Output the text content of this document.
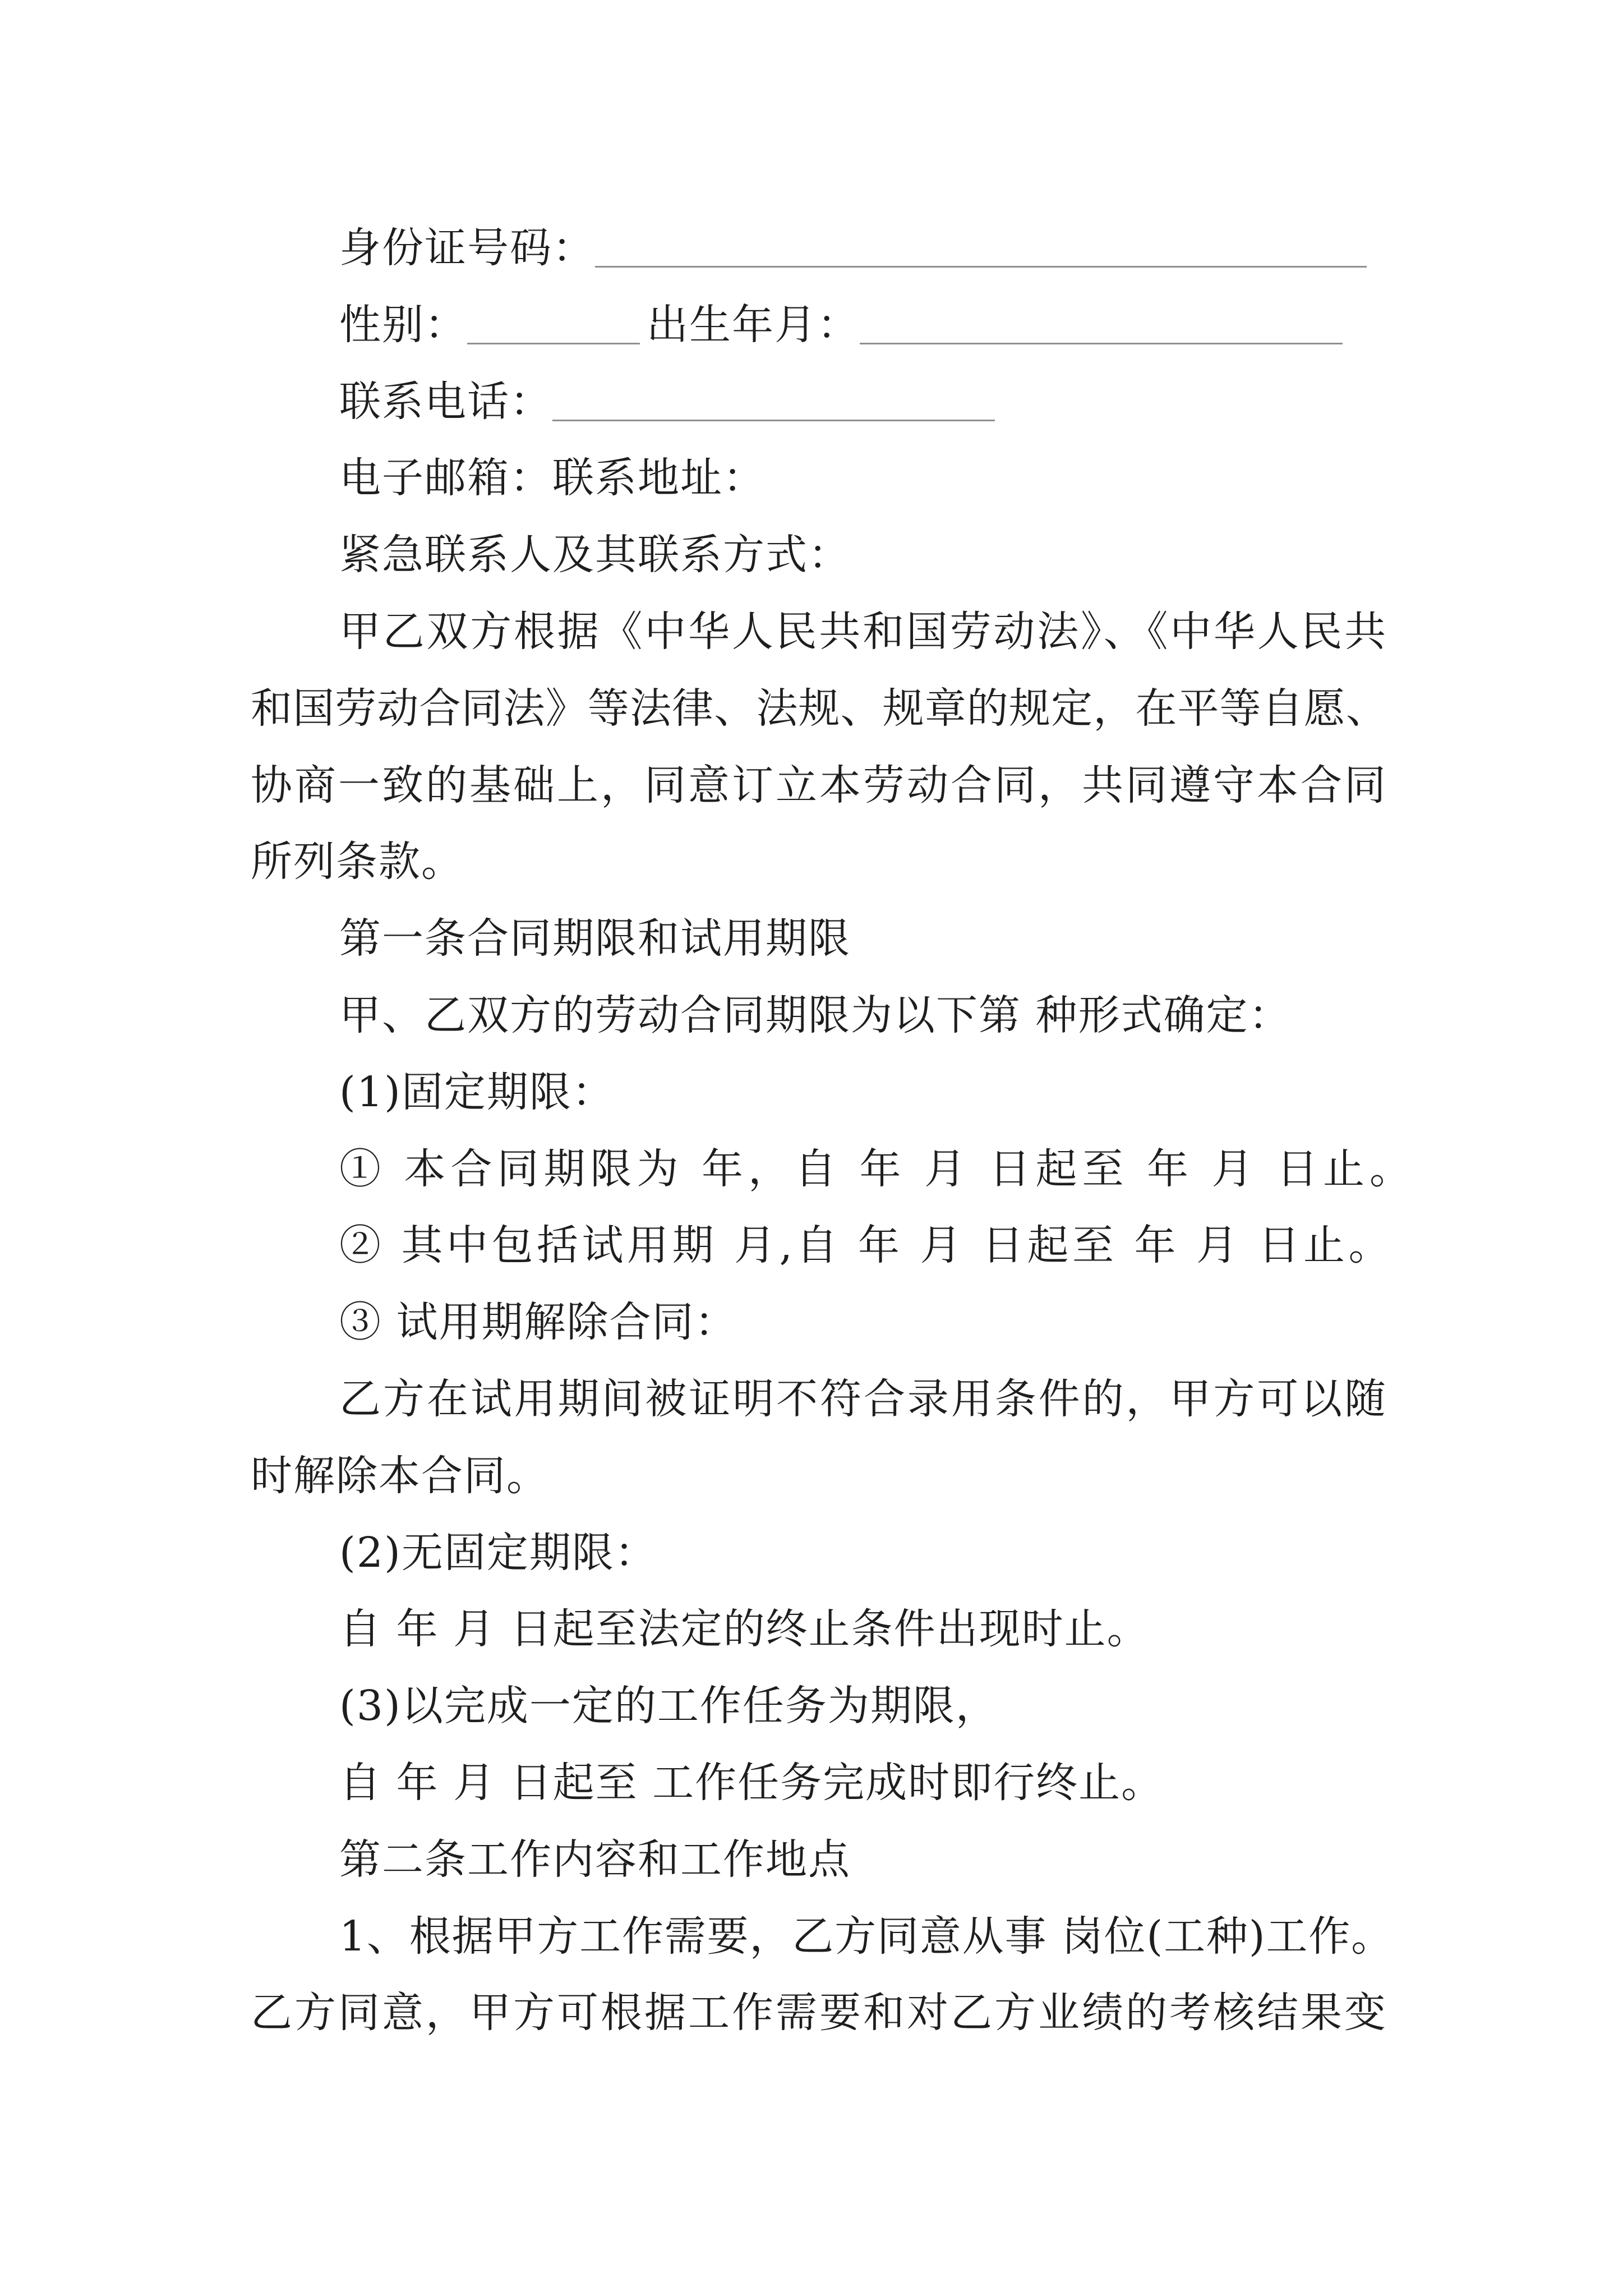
身份证号码：
性别：	出生年月：
联系电话：
电子邮箱：联系地址：
紧急联系人及其联系方式：
甲乙双方根据《中华人民共和国劳动法》、《中华人民共
和国劳动合同法》等法律、法规、规章的规定，在平等自愿、
协商一致的基础上，同意订立本劳动合同，共同遵守本合同
所列条款。
第一条合同期限和试用期限
甲、乙双方的劳动合同期限为以下第 种形式确定：
(1)固定期限：
① 本合同期限为 年，自 年 月 日起至 年 月 日止。
② 其中包括试用期 月,自 年 月 日起至 年 月 日止。
③ 试用期解除合同：
乙方在试用期间被证明不符合录用条件的，甲方可以随
时解除本合同。
(2)无固定期限：
自 年 月 日起至法定的终止条件出现时止。
(3)以完成一定的工作任务为期限，
自 年 月 日起至 工作任务完成时即行终止。
第二条工作内容和工作地点
1、根据甲方工作需要，乙方同意从事 岗位(工种)工作。
乙方同意，甲方可根据工作需要和对乙方业绩的考核结果变
